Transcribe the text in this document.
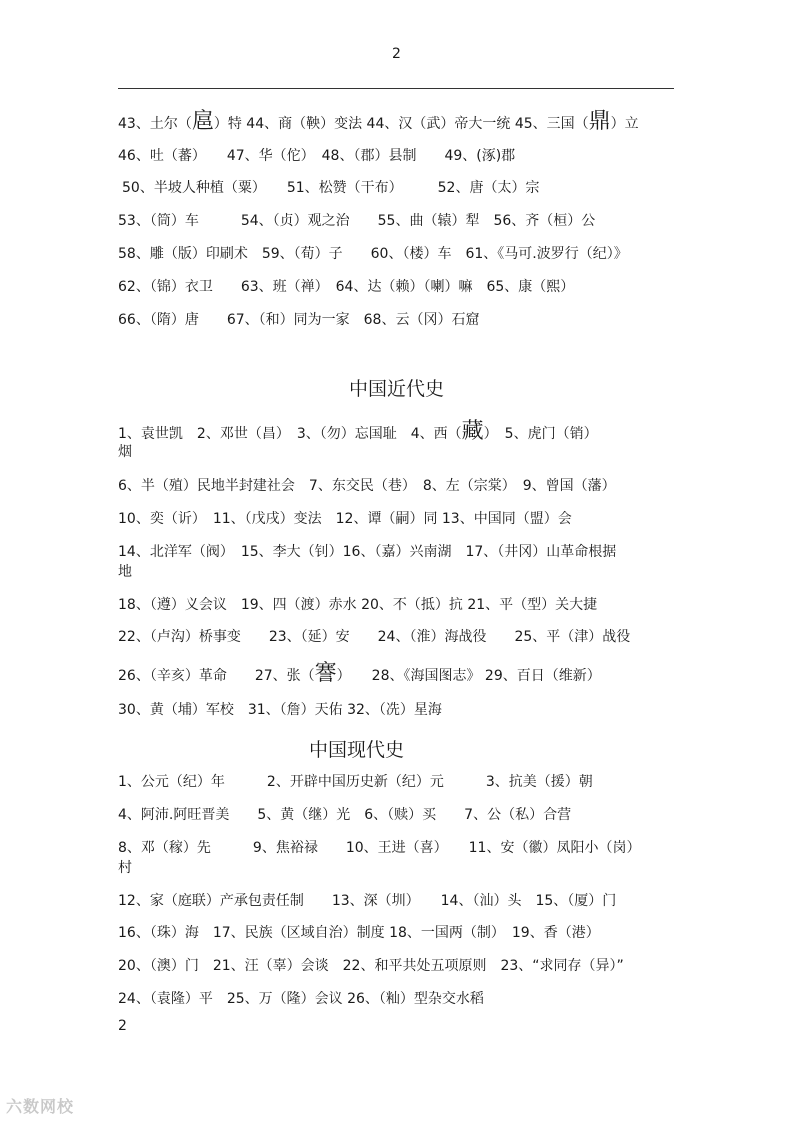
2
43、土尔（扈）特 44、商（鞅）变法 44、汉（武）帝大一统 45、三国（鼎）立
46、吐（蕃）　　47、华（佗）　48、（郡）县制　　49、(涿)郡
50、半坡人种植（粟）　　51、松赞（干布）　　　52、唐（太）宗
53、（筒）车　　　54、（贞）观之治　　55、曲（辕）犁　56、齐（桓）公
58、雕（版）印刷术　59、（荀）子　　60、（楼）车　61、《马可.波罗行（纪）》
62、（锦）衣卫　　63、班（禅）　64、达（赖）（喇）嘛　65、康（熙）
66、（隋）唐　　67、（和）同为一家　68、云（冈）石窟
中国近代史
1、袁世凯　2、邓世（昌）　3、（勿）忘国耻　4、西（藏）　5、虎门（销）
烟
6、半（殖）民地半封建社会　7、东交民（巷）　8、左（宗棠）　9、曾国（藩）
10、奕（䜣）　11、（戊戌）变法　12、谭（嗣）同 13、中国同（盟）会
14、北洋军（阀）　15、李大（钊）16、（嘉）兴南湖　17、（井冈）山革命根据
地
18、（遵）义会议　19、四（渡）赤水 20、不（抵）抗 21、平（型）关大捷
22、（卢沟）桥事变　　23、（延）安　　24、（淮）海战役　　25、平（津）战役
26、（辛亥）革命　　27、张（謇）　　28、《海国图志》 29、百日（维新）
30、黄（埔）军校　31、（詹）天佑 32、（冼）星海
中国现代史
1、公元（纪）年　　　2、开辟中国历史新（纪）元　　　3、抗美（援）朝
4、阿沛.阿旺晋美　　5、黄（继）光　6、（赎）买　　7、公（私）合营
8、邓（稼）先　　　9、焦裕禄　　10、王进（喜）　　11、安（徽）凤阳小（岗）
村
12、家（庭联）产承包责任制　　13、深（圳）　　14、（汕）头　15、（厦）门
16、（珠）海　17、民族（区域自治）制度 18、一国两（制）　19、香（港）
20、（澳）门　21、汪（辜）会谈　22、和平共处五项原则　23、“求同存（异）”
24、（袁隆）平　25、万（隆）会议 26、（籼）型杂交水稻
2
六数网校
